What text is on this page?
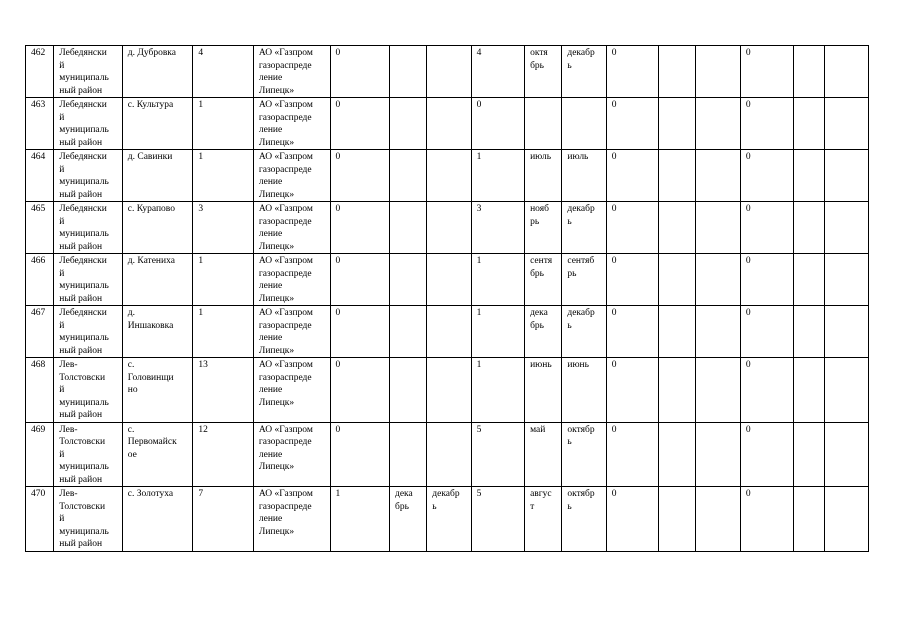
462	Лебедянски
й
муниципаль
ный район	д. Дубровка	4	АО «Газпром
газораспреде
ление
Липецк»	0			4	октя
брь	декабр
ь	0			0		
463	Лебедянски
й
муниципаль
ный район	с. Культура	1	АО «Газпром
газораспреде
ление
Липецк»	0			0			0			0		
464	Лебедянски
й
муниципаль
ный район	д. Савинки	1	АО «Газпром
газораспреде
ление
Липецк»	0			1	июль	июль	0			0		
465	Лебедянски
й
муниципаль
ный район	с. Курапово	3	АО «Газпром
газораспреде
ление
Липецк»	0			3	нояб
рь	декабр
ь	0			0		
466	Лебедянски
й
муниципаль
ный район	д. Катениха	1	АО «Газпром
газораспреде
ление
Липецк»	0			1	сентя
брь	сентяб
рь	0			0		
467	Лебедянски
й
муниципаль
ный район	д.
Иншаковка	1	АО «Газпром
газораспреде
ление
Липецк»	0			1	дека
брь	декабр
ь	0			0		
468	Лев-
Толстовски
й
муниципаль
ный район	с.
Головинщи
но	13	АО «Газпром
газораспреде
ление
Липецк»	0			1	июнь	июнь	0			0		
469	Лев-
Толстовски
й
муниципаль
ный район	с.
Первомайск
ое	12	АО «Газпром
газораспреде
ление
Липецк»	0			5	май	октябр
ь	0			0		
470	Лев-
Толстовски
й
муниципаль
ный район	с. Золотуха	7	АО «Газпром
газораспреде
ление
Липецк»	1	дека
брь	декабр
ь	5	авгус
т	октябр
ь	0			0		
